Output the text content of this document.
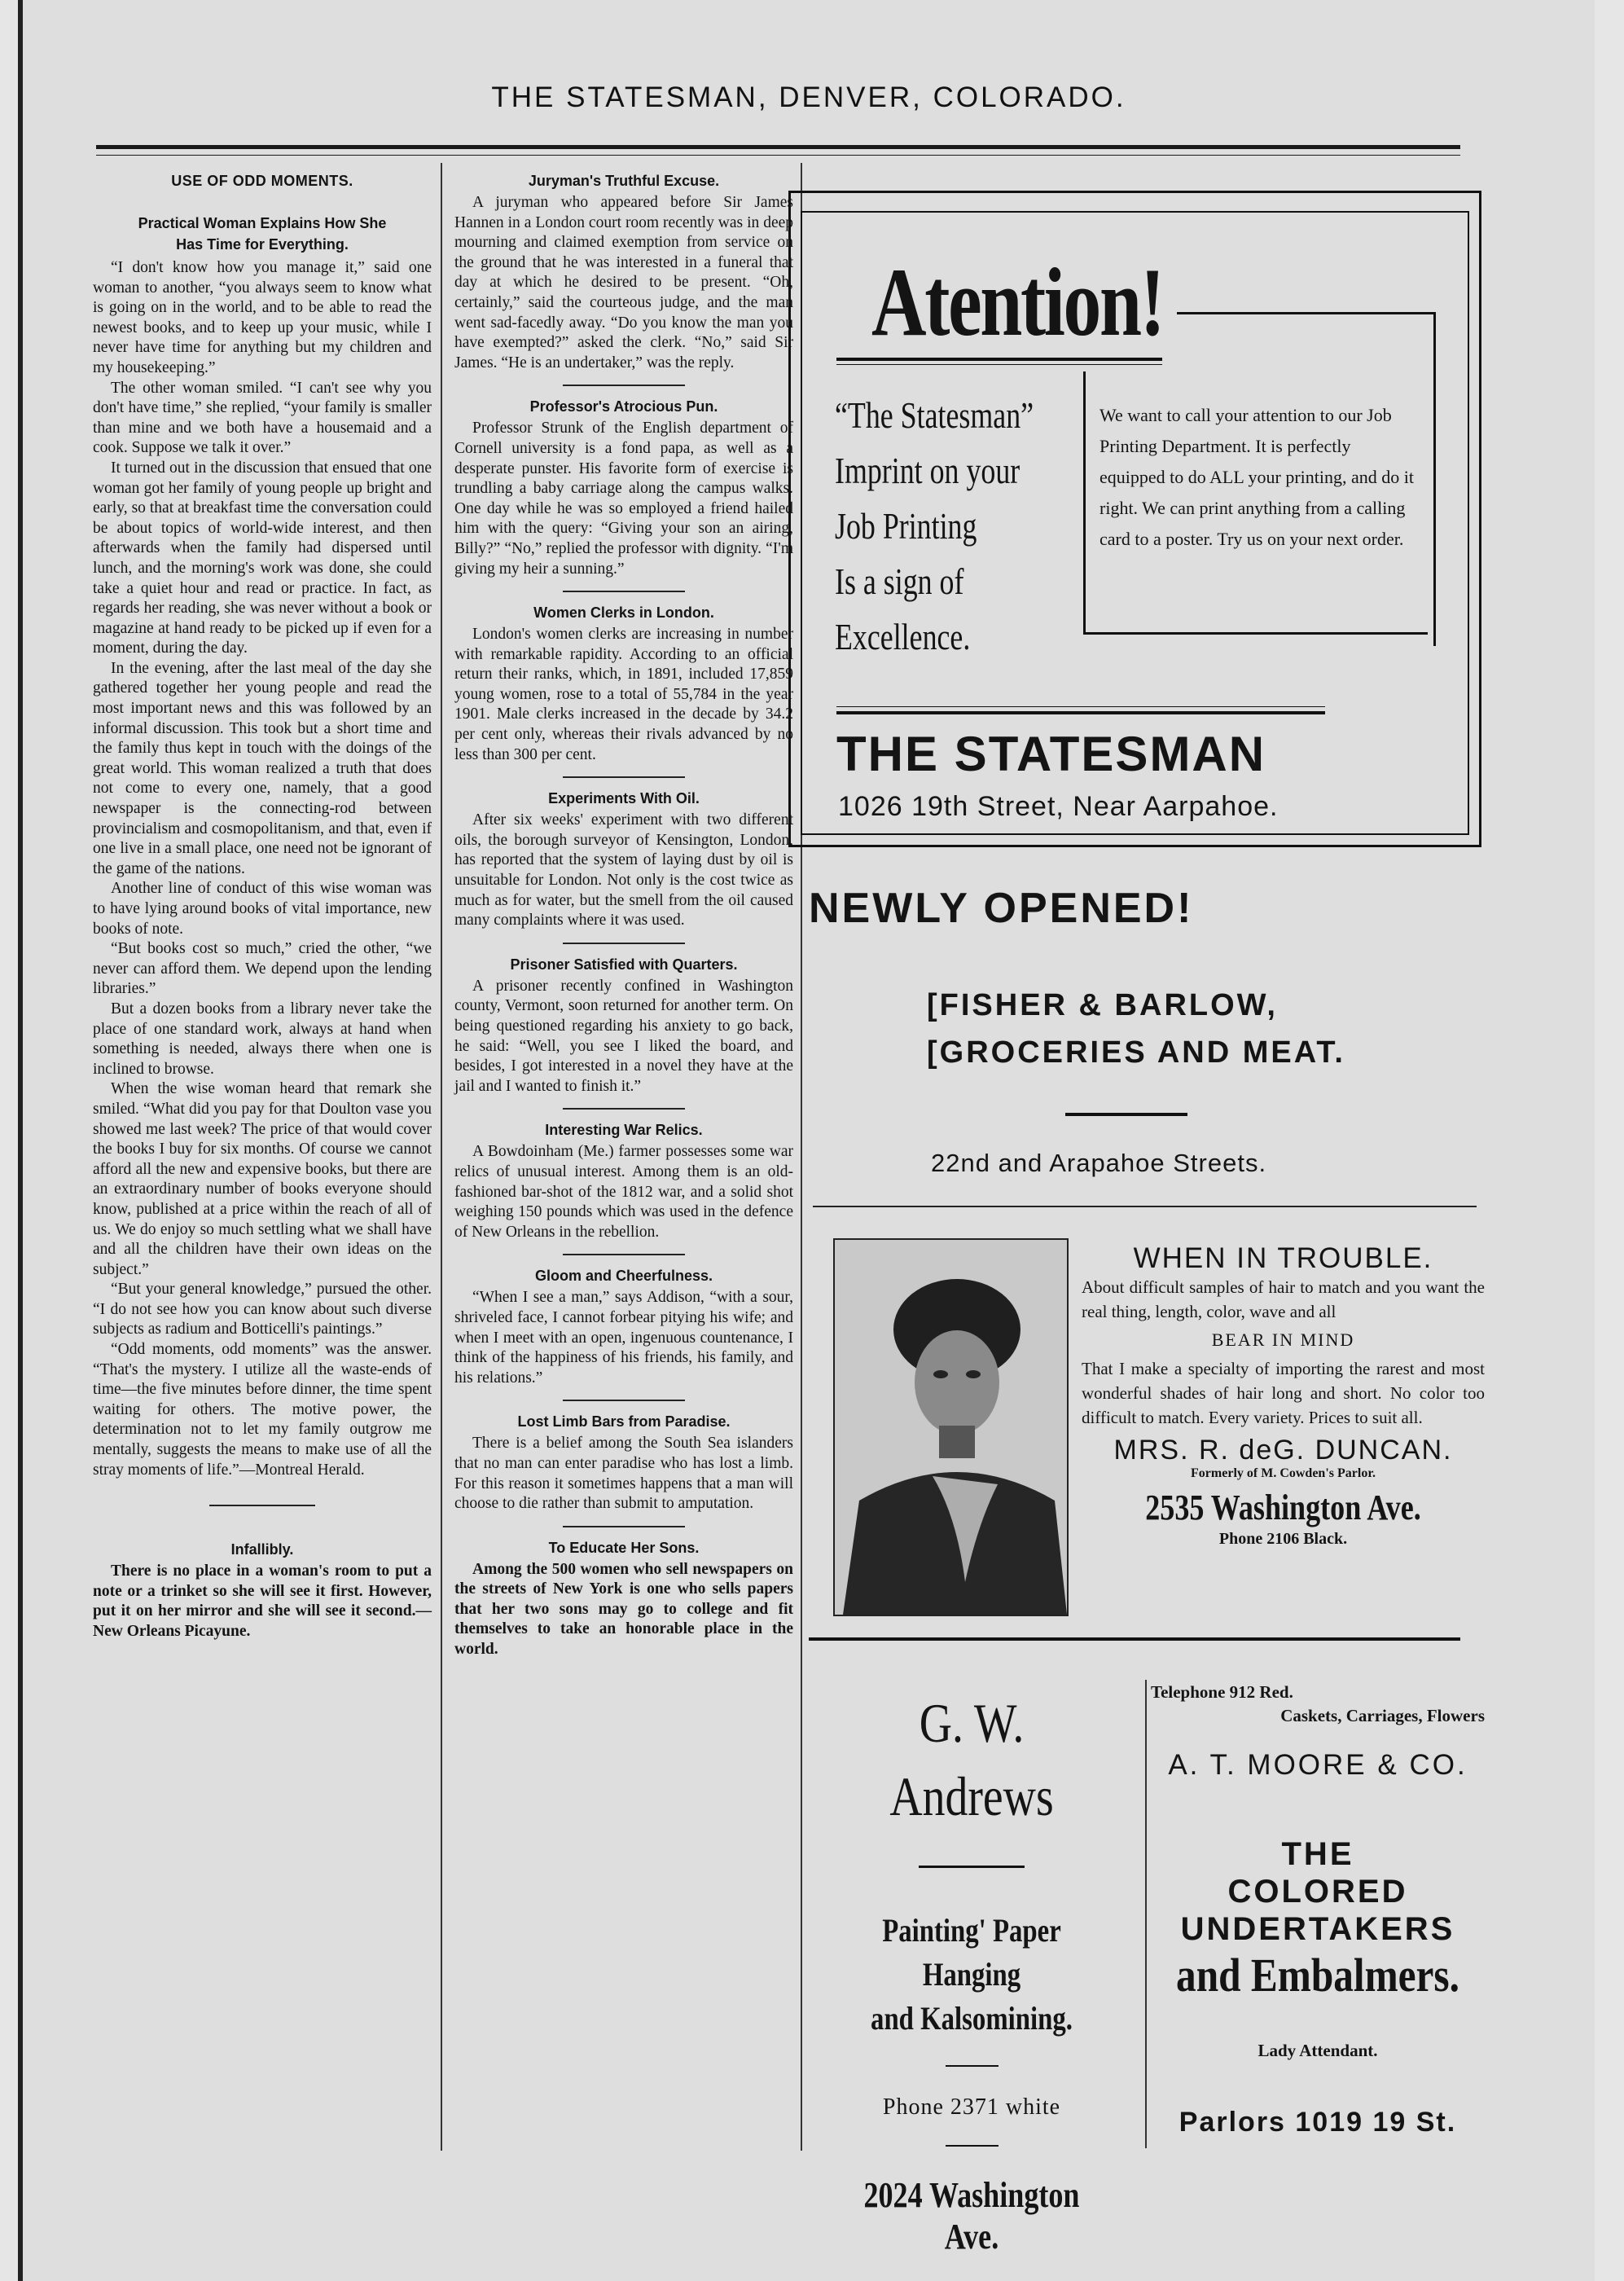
THE STATESMAN, DENVER, COLORADO.
USE OF ODD MOMENTS.
Practical Woman Explains How She
Has Time for Everything.

“I don't know how you manage it,” said one woman to another, “you always seem to know what is going on in the world, and to be able to read the newest books, and to keep up your music, while I never have time for anything but my children and my housekeeping.”

The other woman smiled. “I can't see why you don't have time,” she replied, “your family is smaller than mine and we both have a housemaid and a cook. Suppose we talk it over.”

It turned out in the discussion that ensued that one woman got her family of young people up bright and early, so that at breakfast time the conversation could be about topics of world-wide interest, and then afterwards when the family had dispersed until lunch, and the morning's work was done, she could take a quiet hour and read or practice. In fact, as regards her reading, she was never without a book or magazine at hand ready to be picked up if even for a moment, during the day.

In the evening, after the last meal of the day she gathered together her young people and read the most important news and this was followed by an informal discussion. This took but a short time and the family thus kept in touch with the doings of the great world. This woman realized a truth that does not come to every one, namely, that a good newspaper is the connecting-rod between provincialism and cosmopolitanism, and that, even if one live in a small place, one need not be ignorant of the game of the nations.

Another line of conduct of this wise woman was to have lying around books of vital importance, new books of note.

“But books cost so much,” cried the other, “we never can afford them. We depend upon the lending libraries.”

But a dozen books from a library never take the place of one standard work, always at hand when something is needed, always there when one is inclined to browse.

When the wise woman heard that remark she smiled. “What did you pay for that Doulton vase you showed me last week? The price of that would cover the books I buy for six months. Of course we cannot afford all the new and expensive books, but there are an extraordinary number of books everyone should know, published at a price within the reach of all of us. We do enjoy so much settling what we shall have and all the children have their own ideas on the subject.”

“But your general knowledge,” pursued the other. “I do not see how you can know about such diverse subjects as radium and Botticelli's paintings.”

“Odd moments, odd moments” was the answer. “That's the mystery. I utilize all the waste-ends of time—the five minutes before dinner, the time spent waiting for others. The motive power, the determination not to let my family outgrow me mentally, suggests the means to make use of all the stray moments of life.”—Montreal Herald.

Infallibly.

There is no place in a woman's room to put a note or a trinket so she will see it first. However, put it on her mirror and she will see it second.—New Orleans Picayune.

Juryman's Truthful Excuse.

A juryman who appeared before Sir James Hannen in a London court room recently was in deep mourning and claimed exemption from service on the ground that he was interested in a funeral that day at which he desired to be present. “Oh, certainly,” said the courteous judge, and the man went sad-facedly away. “Do you know the man you have exempted?” asked the clerk. “No,” said Sir James. “He is an undertaker,” was the reply.

Professor's Atrocious Pun.

Professor Strunk of the English department of Cornell university is a fond papa, as well as a desperate punster. His favorite form of exercise is trundling a baby carriage along the campus walks. One day while he was so employed a friend hailed him with the query: “Giving your son an airing, Billy?” “No,” replied the professor with dignity. “I'm giving my heir a sunning.”

Women Clerks in London.

London's women clerks are increasing in number with remarkable rapidity. According to an official return their ranks, which, in 1891, included 17,859 young women, rose to a total of 55,784 in the year 1901. Male clerks increased in the decade by 34.2 per cent only, whereas their rivals advanced by no less than 300 per cent.

Experiments With Oil.

After six weeks' experiment with two different oils, the borough surveyor of Kensington, London, has reported that the system of laying dust by oil is unsuitable for London. Not only is the cost twice as much as for water, but the smell from the oil caused many complaints where it was used.

Prisoner Satisfied with Quarters.

A prisoner recently confined in Washington county, Vermont, soon returned for another term. On being questioned regarding his anxiety to go back, he said: “Well, you see I liked the board, and besides, I got interested in a novel they have at the jail and I wanted to finish it.”

Interesting War Relics.

A Bowdoinham (Me.) farmer possesses some war relics of unusual interest. Among them is an old-fashioned bar-shot of the 1812 war, and a solid shot weighing 150 pounds which was used in the defence of New Orleans in the rebellion.

Gloom and Cheerfulness.

“When I see a man,” says Addison, “with a sour, shriveled face, I cannot forbear pitying his wife; and when I meet with an open, ingenuous countenance, I think of the happiness of his friends, his family, and his relations.”

Lost Limb Bars from Paradise.

There is a belief among the South Sea islanders that no man can enter paradise who has lost a limb. For this reason it sometimes happens that a man will choose to die rather than submit to amputation.

To Educate Her Sons.

Among the 500 women who sell newspapers on the streets of New York is one who sells papers that her two sons may go to college and fit themselves to take an honorable place in the world.

Atention!
“The Statesman”
Imprint on your
Job Printing
Is a sign of
Excellence.
We want to call your attention to our Job Printing Department. It is perfectly equipped to do ALL your printing, and do it right. We can print anything from a calling card to a poster. Try us on your next order.
THE STATESMAN
1026 19th Street, Near Aarpahoe.
NEWLY OPENED!
[FISHER & BARLOW,
[GROCERIES AND MEAT.
22nd and Arapahoe Streets.
WHEN IN TROUBLE.
About difficult samples of hair to match and you want the real thing, length, color, wave and all
BEAR IN MIND
That I make a specialty of importing the rarest and most wonderful shades of hair long and short. No color too difficult to match. Every variety. Prices to suit all.
MRS. R. deG. DUNCAN.
Formerly of M. Cowden's Parlor.
2535 Washington Ave.
Phone 2106 Black.
G. W. Andrews
Painting' Paper Hanging
and Kalsomining.
Phone 2371 white
2024 Washington Ave.
Telephone 912 Red.
Caskets, Carriages, Flowers
A. T. MOORE & CO.
THE
COLORED
UNDERTAKERS
and Embalmers.
Lady Attendant.
Parlors 1019 19 St.
